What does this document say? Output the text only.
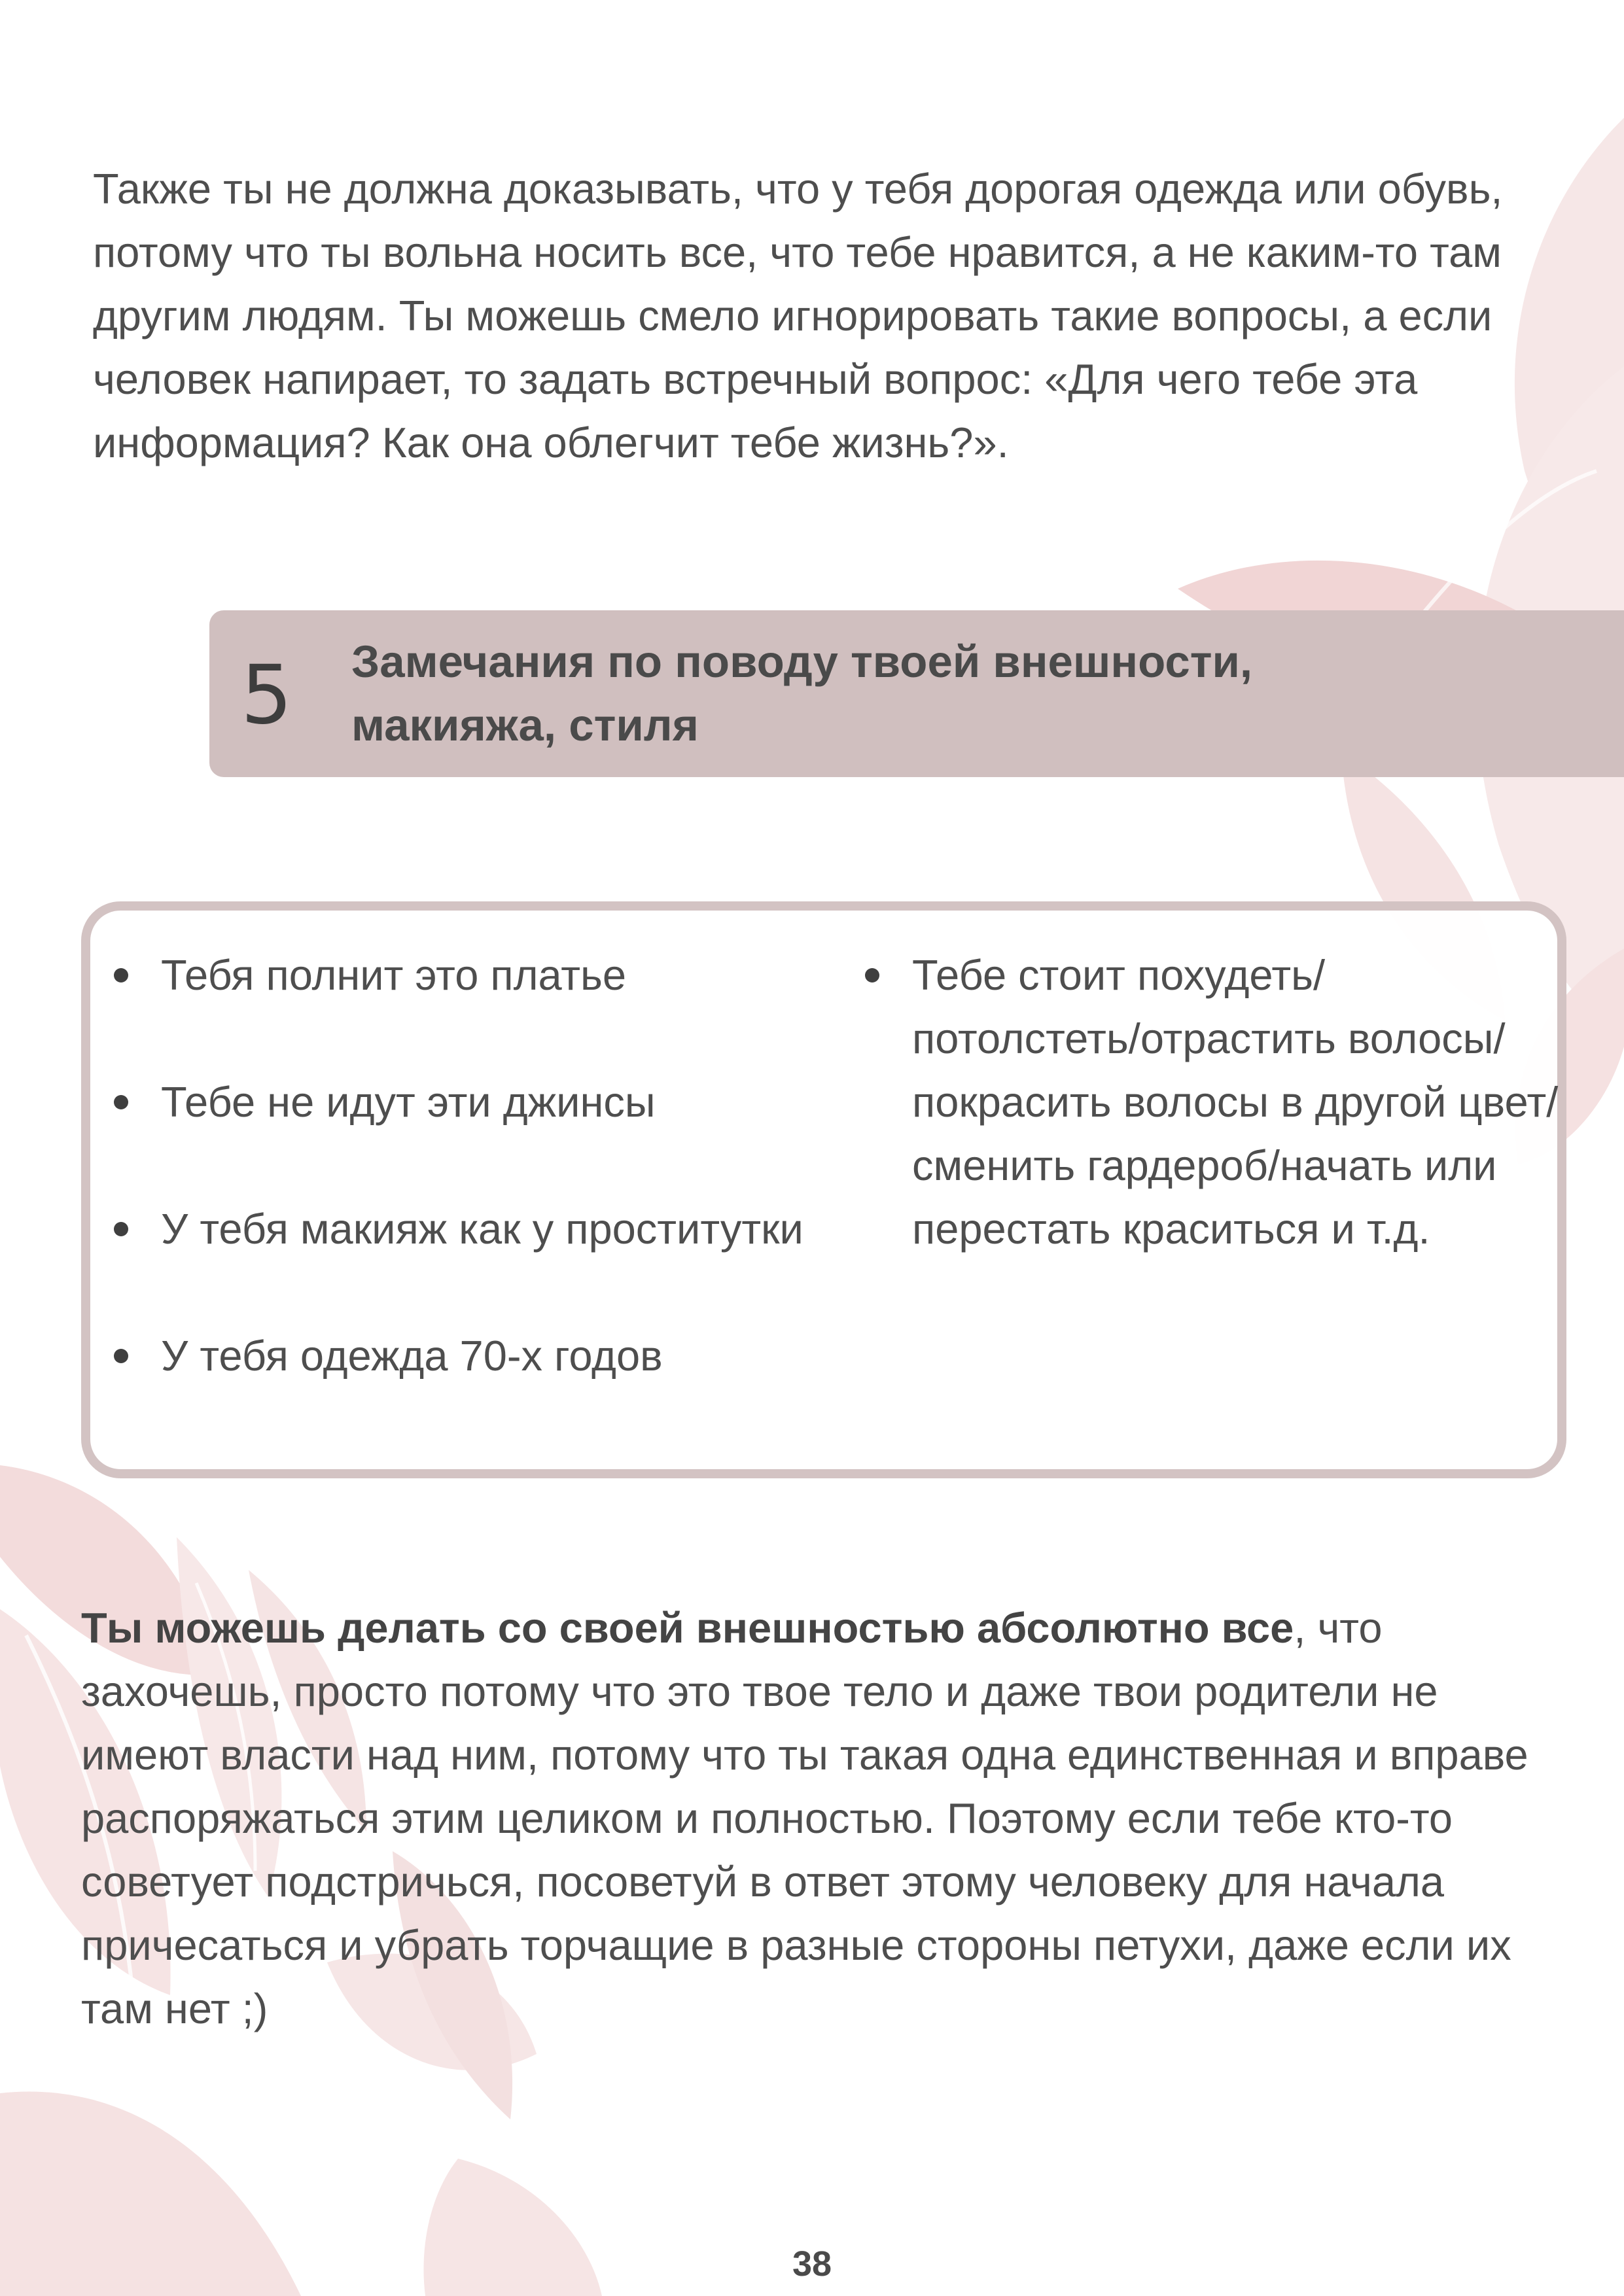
Также ты не должна доказывать, что у тебя дорогая одежда или обувь, потому что ты вольна носить все, что тебе нравится, а не каким-то там другим людям. Ты можешь смело игнорировать такие вопросы, а если человек напирает, то задать встречный вопрос: «Для чего тебе эта информация? Как она облегчит тебе жизнь?».

5	Замечания по поводу твоей внешности, макияжа, стиля
Тебя полнит это платье
Тебе не идут эти джинсы
У тебя макияж как у проститутки
У тебя одежда 70-х годов
Тебе стоит похудеть/ потолстеть/отрастить волосы/покрасить волосы в другой цвет/сменить гардероб/начать или перестать краситься и т.д.

Ты можешь делать со своей внешностью абсолютно все, что захочешь, просто потому что это твое тело и даже твои родители не имеют власти над ним, потому что ты такая одна единственная и вправе распоряжаться этим целиком и полностью. Поэтому если тебе кто-то советует подстричься, посоветуй в ответ этому человеку для начала причесаться и убрать торчащие в разные стороны петухи, даже если их там нет ;)

38
